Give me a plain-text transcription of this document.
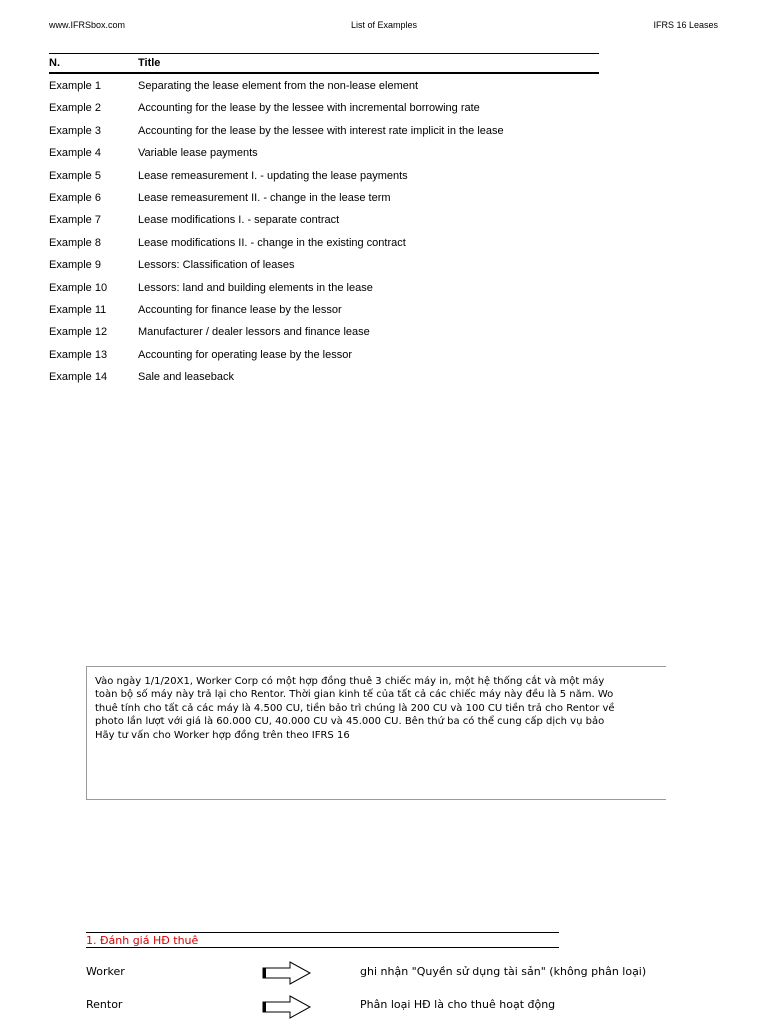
www.IFRSbox.com	List of Examples	IFRS 16 Leases
N.	Title
Example 1	Separating the lease element from the non-lease element
Example 2	Accounting for the lease by the lessee with incremental borrowing rate
Example 3	Accounting for the lease by the lessee with interest rate implicit in the lease
Example 4	Variable lease payments
Example 5	Lease remeasurement I. - updating the lease payments
Example 6	Lease remeasurement II. - change in the lease term
Example 7	Lease modifications I. - separate contract
Example 8	Lease modifications II. - change in the existing contract
Example 9	Lessors: Classification of leases
Example 10	Lessors: land and building elements in the lease
Example 11	Accounting for finance lease by the lessor
Example 12	Manufacturer / dealer lessors and finance lease
Example 13	Accounting for operating lease by the lessor
Example 14	Sale and leaseback
Vào ngày 1/1/20X1, Worker Corp có một hợp đồng thuê 3 chiếc máy in, một hệ thống cắt và một máy
toàn bộ số máy này trả lại cho Rentor. Thời gian kinh tế của tất cả các chiếc máy này đều là 5 năm. Wo
thuê tính cho tất cả các máy là 4.500 CU, tiền bảo trì chúng là 200 CU và 100 CU tiền trả cho Rentor về
photo lần lượt với giá là 60.000 CU, 40.000 CU và 45.000 CU. Bên thứ ba có thể cung cấp dịch vụ bảo
Hãy tư vấn cho Worker hợp đồng trên theo IFRS 16
1. Đánh giá HĐ thuê
Worker	ghi nhận "Quyền sử dụng tài sản" (không phân loại)
Rentor	Phân loại HĐ là cho thuê hoạt động
